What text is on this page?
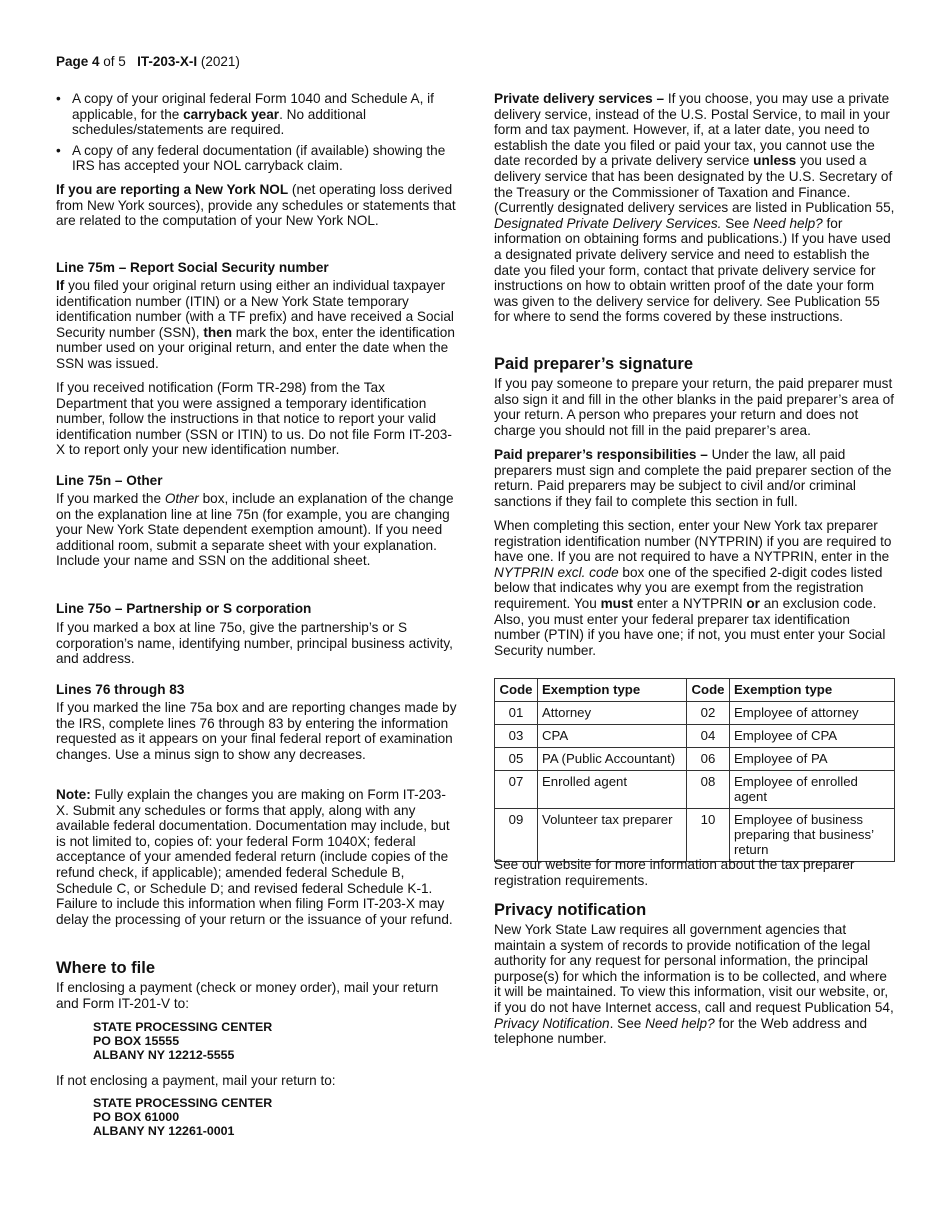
Page 4 of 5 IT-203-X-I (2021)
• A copy of your original federal Form 1040 and Schedule A, if applicable, for the carryback year. No additional schedules/statements are required.
• A copy of any federal documentation (if available) showing the IRS has accepted your NOL carryback claim.

If you are reporting a New York NOL (net operating loss derived from New York sources), provide any schedules or statements that are related to the computation of your New York NOL.

Line 75m – Report Social Security number

If you filed your original return using either an individual taxpayer identification number (ITIN) or a New York State temporary identification number (with a TF prefix) and have received a Social Security number (SSN), then mark the box, enter the identification number used on your original return, and enter the date when the SSN was issued.

If you received notification (Form TR-298) from the Tax Department that you were assigned a temporary identification number, follow the instructions in that notice to report your valid identification number (SSN or ITIN) to us. Do not file Form IT-203-X to report only your new identification number.

Line 75n – Other

If you marked the Other box, include an explanation of the change on the explanation line at line 75n (for example, you are changing your New York State dependent exemption amount). If you need additional room, submit a separate sheet with your explanation. Include your name and SSN on the additional sheet.

Line 75o – Partnership or S corporation

If you marked a box at line 75o, give the partnership’s or S corporation’s name, identifying number, principal business activity, and address.

Lines 76 through 83

If you marked the line 75a box and are reporting changes made by the IRS, complete lines 76 through 83 by entering the information requested as it appears on your final federal report of examination changes. Use a minus sign to show any decreases.

Note: Fully explain the changes you are making on Form IT-203-X. Submit any schedules or forms that apply, along with any available federal documentation. Documentation may include, but is not limited to, copies of: your federal Form 1040X; federal acceptance of your amended federal return (include copies of the refund check, if applicable); amended federal Schedule B, Schedule C, or Schedule D; and revised federal Schedule K-1. Failure to include this information when filing Form IT-203-X may delay the processing of your return or the issuance of your refund.

Where to file

If enclosing a payment (check or money order), mail your return and Form IT-201-V to:

STATE PROCESSING CENTER
PO BOX 15555
ALBANY NY 12212-5555

If not enclosing a payment, mail your return to:

STATE PROCESSING CENTER
PO BOX 61000
ALBANY NY 12261-0001

Private delivery services – If you choose, you may use a private delivery service, instead of the U.S. Postal Service, to mail in your form and tax payment. However, if, at a later date, you need to establish the date you filed or paid your tax, you cannot use the date recorded by a private delivery service unless you used a delivery service that has been designated by the U.S. Secretary of the Treasury or the Commissioner of Taxation and Finance. (Currently designated delivery services are listed in Publication 55, Designated Private Delivery Services. See Need help? for information on obtaining forms and publications.) If you have used a designated private delivery service and need to establish the date you filed your form, contact that private delivery service for instructions on how to obtain written proof of the date your form was given to the delivery service for delivery. See Publication 55 for where to send the forms covered by these instructions.

Paid preparer’s signature

If you pay someone to prepare your return, the paid preparer must also sign it and fill in the other blanks in the paid preparer’s area of your return. A person who prepares your return and does not charge you should not fill in the paid preparer’s area.

Paid preparer’s responsibilities – Under the law, all paid preparers must sign and complete the paid preparer section of the return. Paid preparers may be subject to civil and/or criminal sanctions if they fail to complete this section in full.

When completing this section, enter your New York tax preparer registration identification number (NYTPRIN) if you are required to have one. If you are not required to have a NYTPRIN, enter in the NYTPRIN excl. code box one of the specified 2-digit codes listed below that indicates why you are exempt from the registration requirement. You must enter a NYTPRIN or an exclusion code. Also, you must enter your federal preparer tax identification number (PTIN) if you have one; if not, you must enter your Social Security number.

Code	Exemption type	Code	Exemption type
01	Attorney	02	Employee of attorney
03	CPA	04	Employee of CPA
05	PA (Public Accountant)	06	Employee of PA
07	Enrolled agent	08	Employee of enrolled agent
09	Volunteer tax preparer	10	Employee of business preparing that business’ return

See our website for more information about the tax preparer registration requirements.

Privacy notification

New York State Law requires all government agencies that maintain a system of records to provide notification of the legal authority for any request for personal information, the principal purpose(s) for which the information is to be collected, and where it will be maintained. To view this information, visit our website, or, if you do not have Internet access, call and request Publication 54, Privacy Notification. See Need help? for the Web address and telephone number.
